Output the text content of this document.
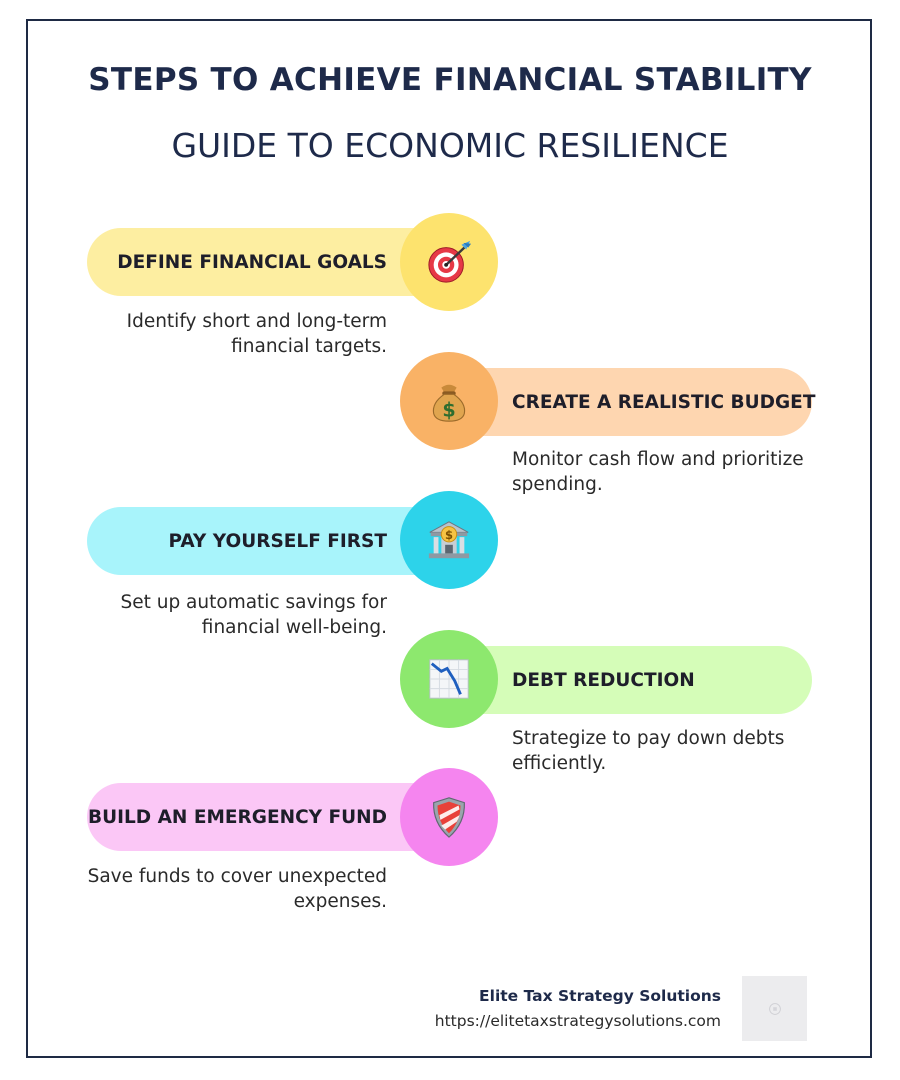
STEPS TO ACHIEVE FINANCIAL STABILITY
GUIDE TO ECONOMIC RESILIENCE
DEFINE FINANCIAL GOALS
Identify short and long-term financial targets.
CREATE A REALISTIC BUDGET
$
Monitor cash flow and prioritize spending.
PAY YOURSELF FIRST	$
Set up automatic savings for financial well-being.
DEBT REDUCTION
Strategize to pay down debts efficiently.
BUILD AN EMERGENCY FUND
Save funds to cover unexpected expenses.
Elite Tax Strategy Solutions
https://elitetaxstrategysolutions.com
